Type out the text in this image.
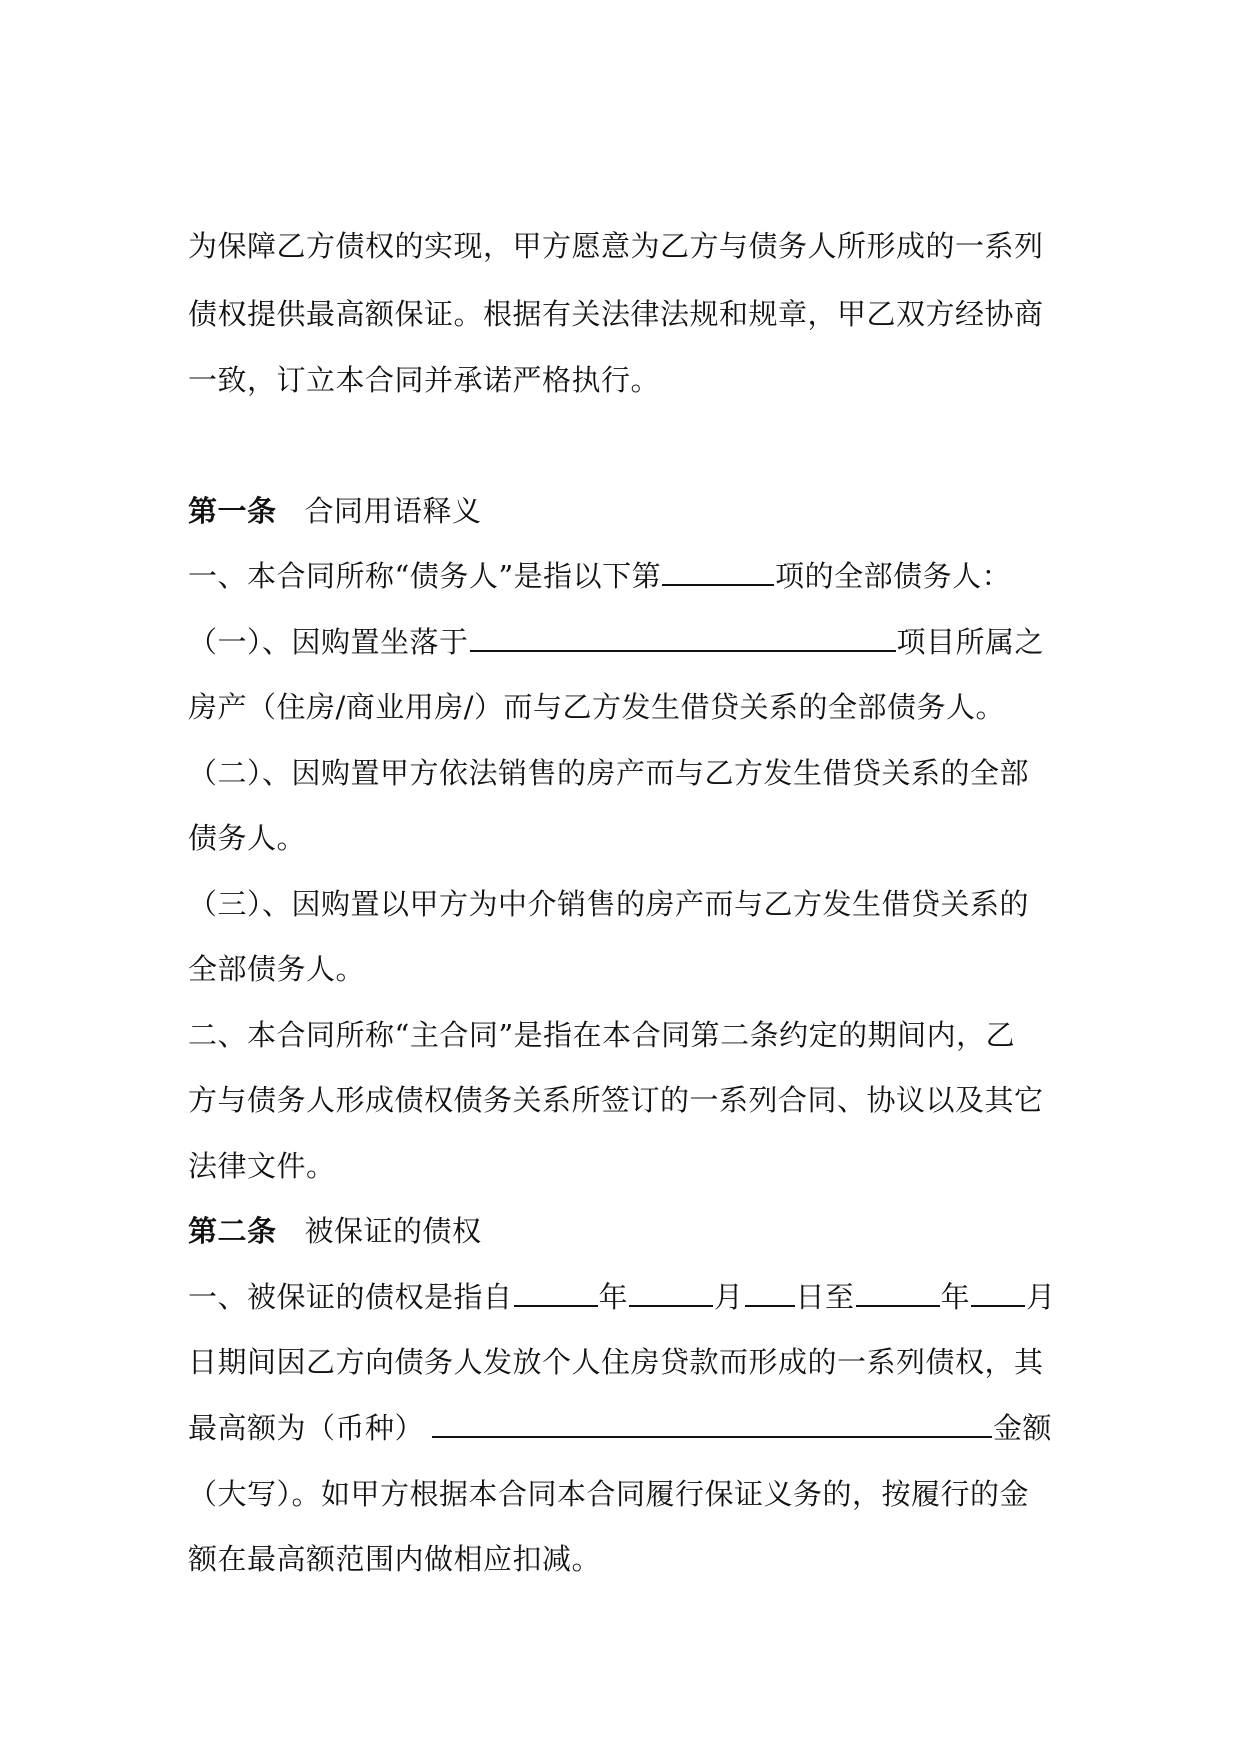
为保障乙方债权的实现，甲方愿意为乙方与债务人所形成的一系列
债权提供最高额保证。根据有关法律法规和规章，甲乙双方经协商
一致，订立本合同并承诺严格执行。
第一条 合同用语释义
一、本合同所称“债务人”是指以下第	项的全部债务人：
（一）、因购置坐落于	项目所属之
房产（住房/商业用房/）而与乙方发生借贷关系的全部债务人。
（二）、因购置甲方依法销售的房产而与乙方发生借贷关系的全部
债务人。
（三）、因购置以甲方为中介销售的房产而与乙方发生借贷关系的
全部债务人。
二、本合同所称“主合同”是指在本合同第二条约定的期间内，乙
方与债务人形成债权债务关系所签订的一系列合同、协议以及其它
法律文件。
第二条 被保证的债权
一、被保证的债权是指自	年	月 日至	年 月
日期间因乙方向债务人发放个人住房贷款而形成的一系列债权，其
最高额为（币种）	金额
（大写）。如甲方根据本合同本合同履行保证义务的，按履行的金
额在最高额范围内做相应扣减。
